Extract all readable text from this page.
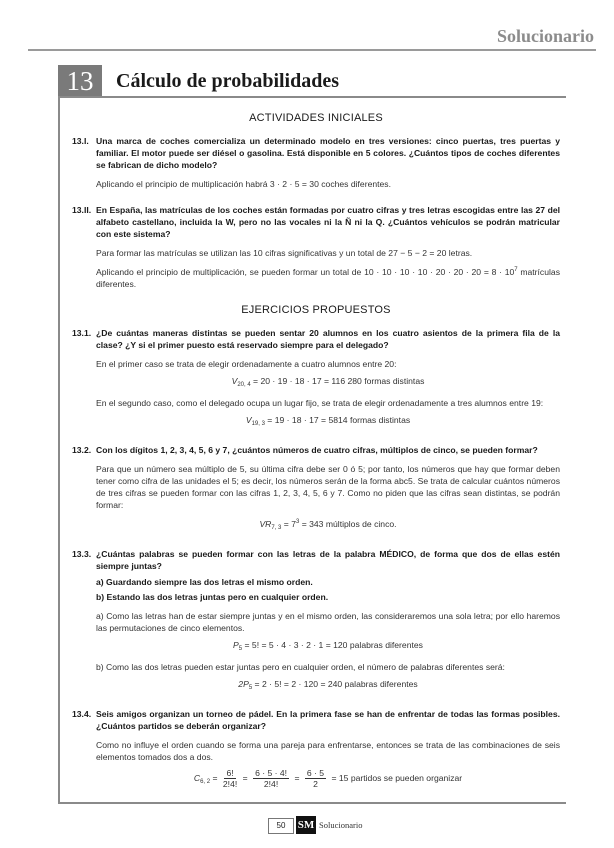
Solucionario
13	Cálculo de probabilidades
ACTIVIDADES INICIALES
13.I. Una marca de coches comercializa un determinado modelo en tres versiones: cinco puertas, tres puertas y familiar. El motor puede ser diésel o gasolina. Está disponible en 5 colores. ¿Cuántos tipos de coches diferentes se fabrican de dicho modelo?

Aplicando el principio de multiplicación habrá 3 · 2 · 5 = 30 coches diferentes.

13.II. En España, las matrículas de los coches están formadas por cuatro cifras y tres letras escogidas entre las 27 del alfabeto castellano, incluida la W, pero no las vocales ni la Ñ ni la Q. ¿Cuántos vehículos se podrán matricular con este sistema?

Para formar las matrículas se utilizan las 10 cifras significativas y un total de 27 − 5 − 2 = 20 letras.

Aplicando el principio de multiplicación, se pueden formar un total de $10 \cdot 10 \cdot 10 \cdot 10 \cdot 20 \cdot 20 \cdot 20 = 8 \cdot 10^7$ matrículas diferentes.

EJERCICIOS PROPUESTOS
13.1. ¿De cuántas maneras distintas se pueden sentar 20 alumnos en los cuatro asientos de la primera fila de la clase? ¿Y si el primer puesto está reservado siempre para el delegado?

En el primer caso se trata de elegir ordenadamente a cuatro alumnos entre 20:

$V_{20, 4} = 20 \cdot 19 \cdot 18 \cdot 17 = 116$ 280 formas distintas

En el segundo caso, como el delegado ocupa un lugar fijo, se trata de elegir ordenadamente a tres alumnos entre 19:

$V_{19, 3} = 19 \cdot 18 \cdot 17 = 5814$ formas distintas
13.2. Con los dígitos 1, 2, 3, 4, 5, 6 y 7, ¿cuántos números de cuatro cifras, múltiplos de cinco, se pueden formar?

Para que un número sea múltiplo de 5, su última cifra debe ser 0 ó 5; por tanto, los números que hay que formar deben tener como cifra de las unidades el 5; es decir, los números serán de la forma abc5. Se trata de calcular cuántos números de tres cifras se pueden formar con las cifras 1, 2, 3, 4, 5, 6 y 7. Como no piden que las cifras sean distintas, se podrán formar:

$VR_{7, 3} = 7^3 = 343$ múltiplos de cinco.
13.3. ¿Cuántas palabras se pueden formar con las letras de la palabra MÉDICO, de forma que dos de ellas estén siempre juntas?
a) Guardando siempre las dos letras el mismo orden.
b) Estando las dos letras juntas pero en cualquier orden.

a) Como las letras han de estar siempre juntas y en el mismo orden, las consideraremos una sola letra; por ello haremos las permutaciones de cinco elementos.

$P_5 = 5$! = 5 · 4 · 3 · 2 · 1 = 120 palabras diferentes

b) Como las dos letras pueden estar juntas pero en cualquier orden, el número de palabras diferentes será:

$2P_5 = 2 \cdot 5$! = 2 · 120 = 240 palabras diferentes
13.4. Seis amigos organizan un torneo de pádel. En la primera fase se han de enfrentar de todas las formas posibles. ¿Cuántos partidos se deberán organizar?

Como no influye el orden cuando se forma una pareja para enfrentarse, entonces se trata de las combinaciones de seis elementos tomados dos a dos.

$C_{6, 2} = \frac{6!}{2!4!} = \frac{6 \cdot 5 \cdot 4!}{2!4!} = \frac{6 \cdot 5}{2} = 15$ partidos se pueden organizar
50	SM Solucionario
